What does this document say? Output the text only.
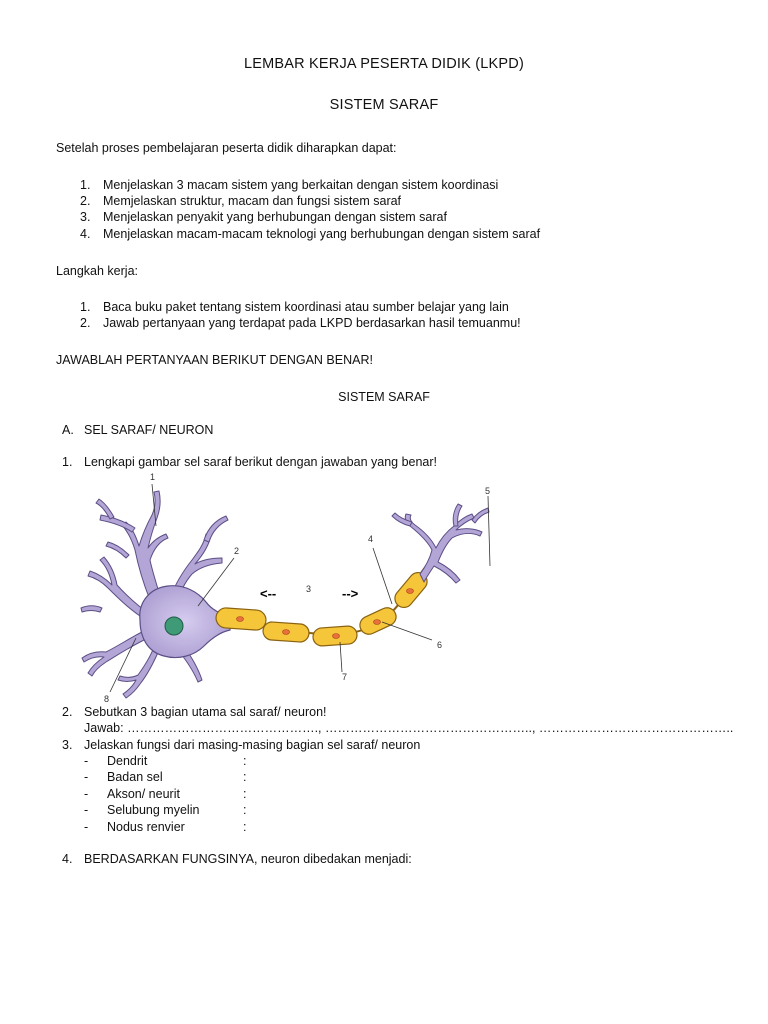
LEMBAR KERJA PESERTA DIDIK (LKPD)

SISTEM SARAF

Setelah proses pembelajaran peserta didik diharapkan dapat:

1. Menjelaskan 3 macam sistem yang berkaitan dengan sistem koordinasi
2. Memjelaskan struktur, macam dan fungsi sistem saraf
3. Menjelaskan penyakit yang berhubungan dengan sistem saraf
4. Menjelaskan macam-macam teknologi yang berhubungan dengan sistem saraf

Langkah kerja:

1. Baca buku paket tentang sistem koordinasi atau sumber belajar yang lain
2. Jawab pertanyaan yang terdapat pada LKPD berdasarkan hasil temuanmu!

JAWABLAH PERTANYAAN BERIKUT DENGAN BENAR!

SISTEM SARAF

A. SEL SARAF/ NEURON
1. Lengkapi gambar sel saraf berikut dengan jawaban yang benar!
1
2
3
4
5
6
7
8
<--	-->
2. Sebutkan 3 bagian utama sal saraf/ neuron!
Jawab: ………………………………………., ………………………………………….., ………………………………………..
3. Jelaskan fungsi dari masing-masing bagian sel saraf/ neuron
- Dendrit	:
- Badan sel	:
- Akson/ neurit	:
- Selubung myelin	:
- Nodus renvier	:
4. BERDASARKAN FUNGSINYA, neuron dibedakan menjadi:
